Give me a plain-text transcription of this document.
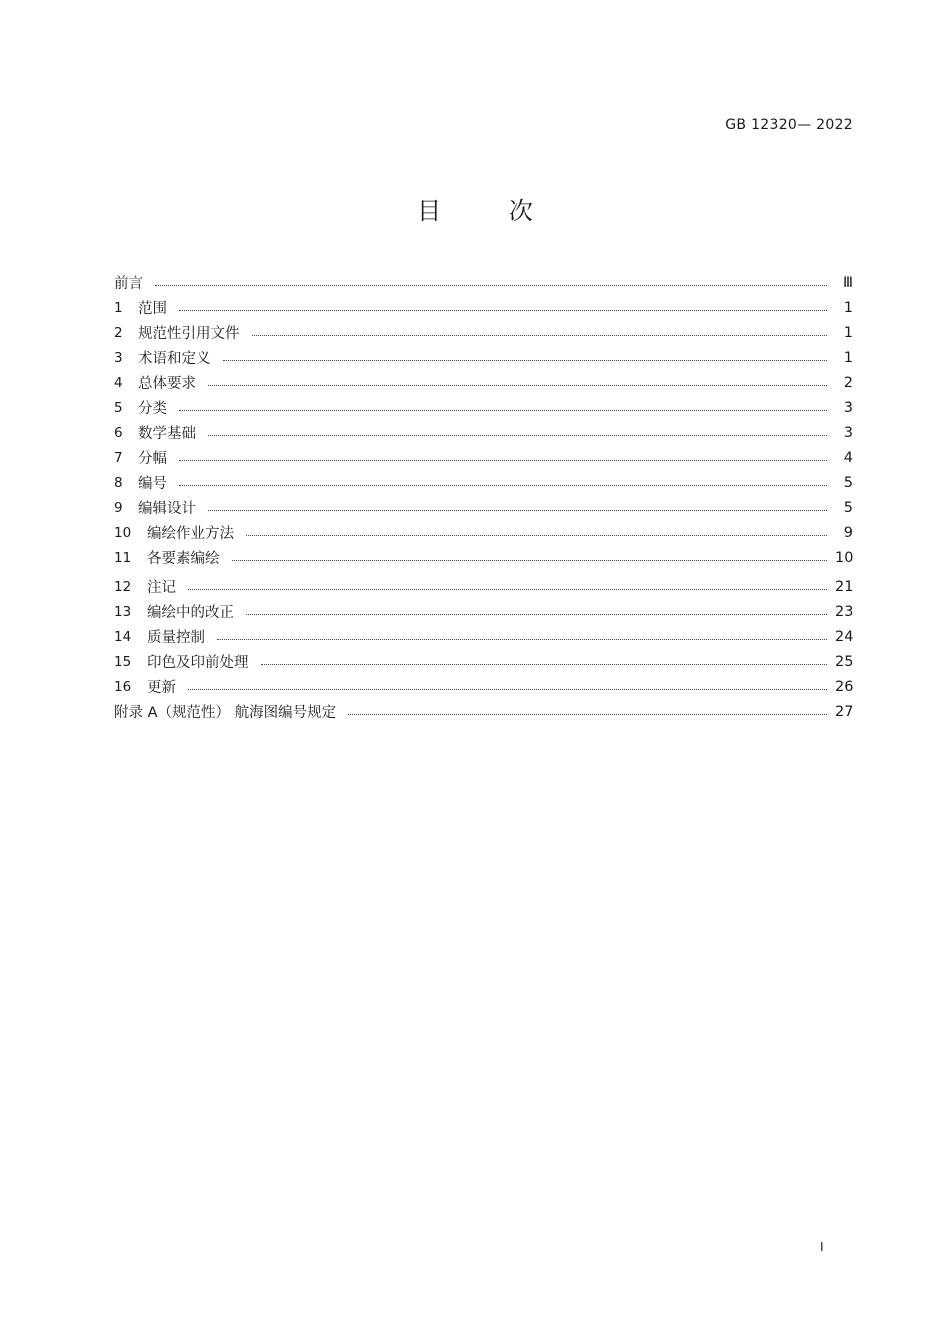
GB 12320— 2022
目	次
前言	Ⅲ
1	范围	1
2	规范性引用文件	1
3	术语和定义	1
4	总体要求	2
5	分类	3
6	数学基础	3
7	分幅	4
8	编号	5
9	编辑设计	5
10	编绘作业方法	9
11	各要素编绘	10
12	注记	21
13	编绘中的改正	23
14	质量控制	24
15	印色及印前处理	25
16	更新	26
附录 A（规范性） 航海图编号规定	27
I
